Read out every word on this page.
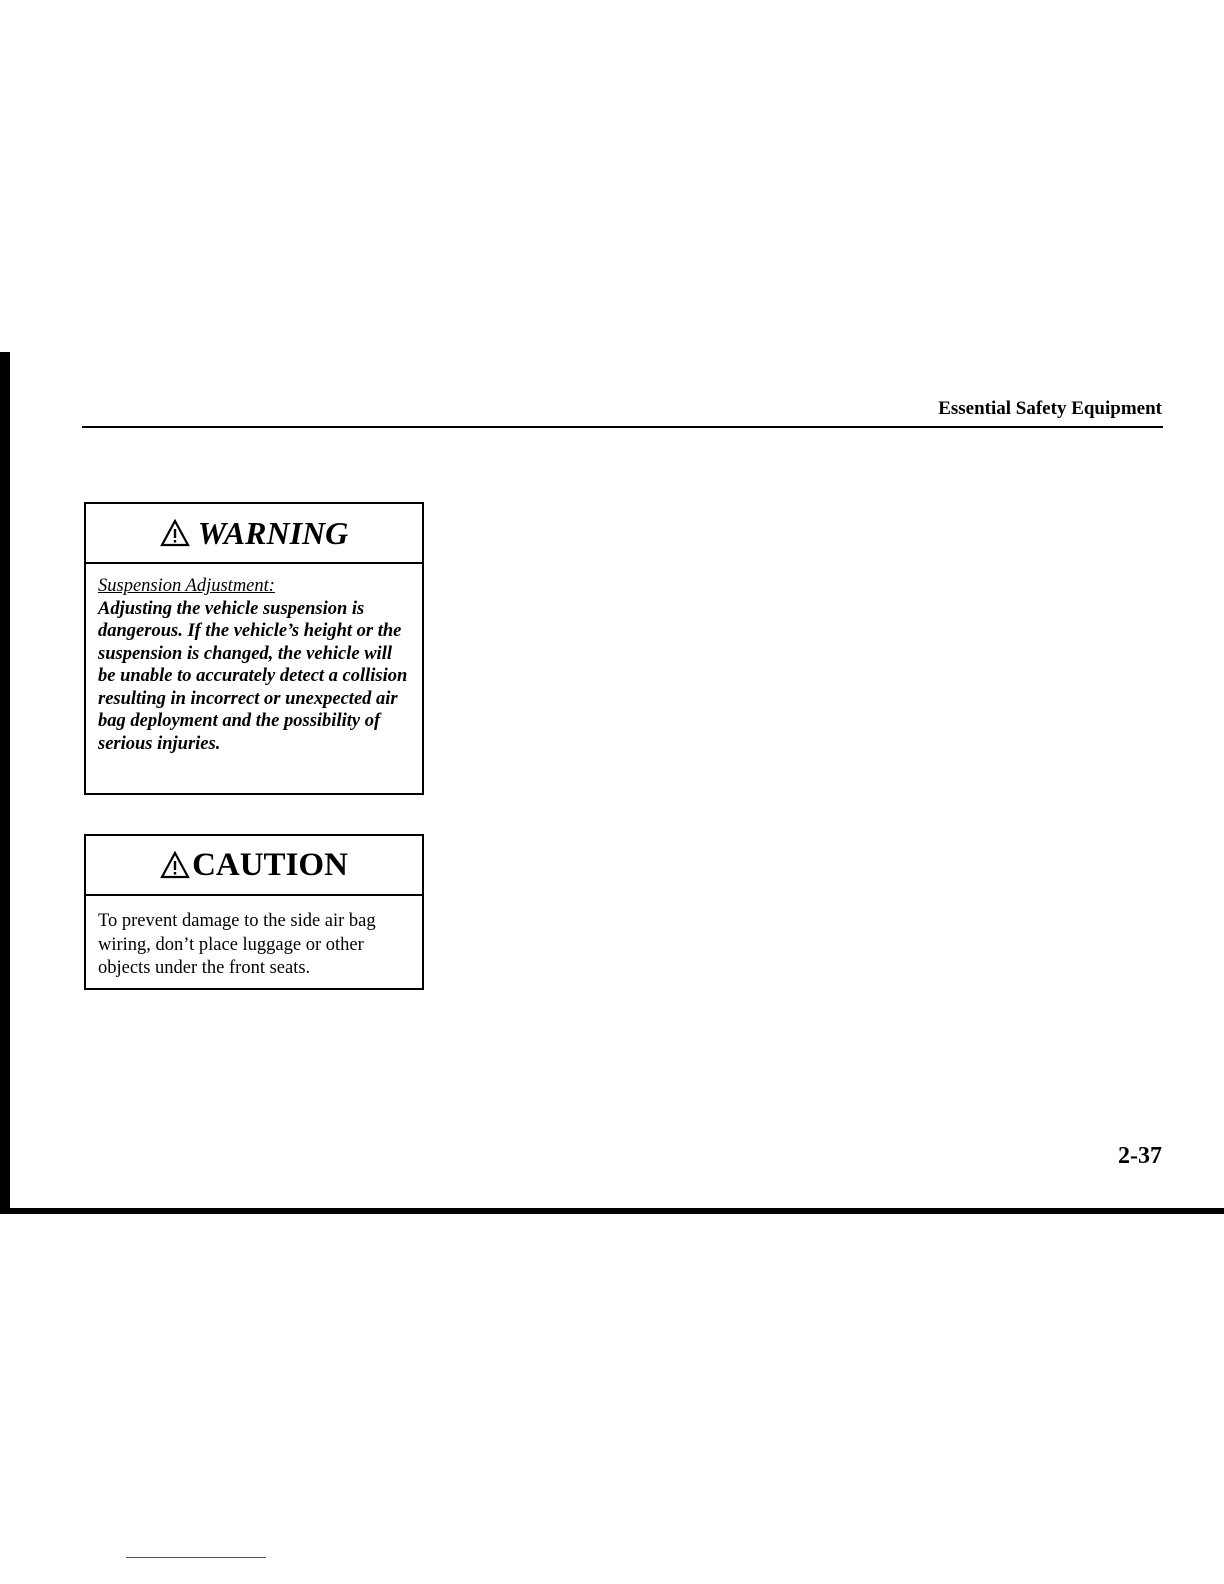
Essential Safety Equipment
WARNING

Suspension Adjustment:

Adjusting the vehicle suspension is dangerous. If the vehicle’s height or the suspension is changed, the vehicle will be unable to accurately detect a collision resulting in incorrect or unexpected air bag deployment and the possibility of serious injuries.

CAUTION
To prevent damage to the side air bag wiring, don’t place luggage or other objects under the front seats.
2-37
